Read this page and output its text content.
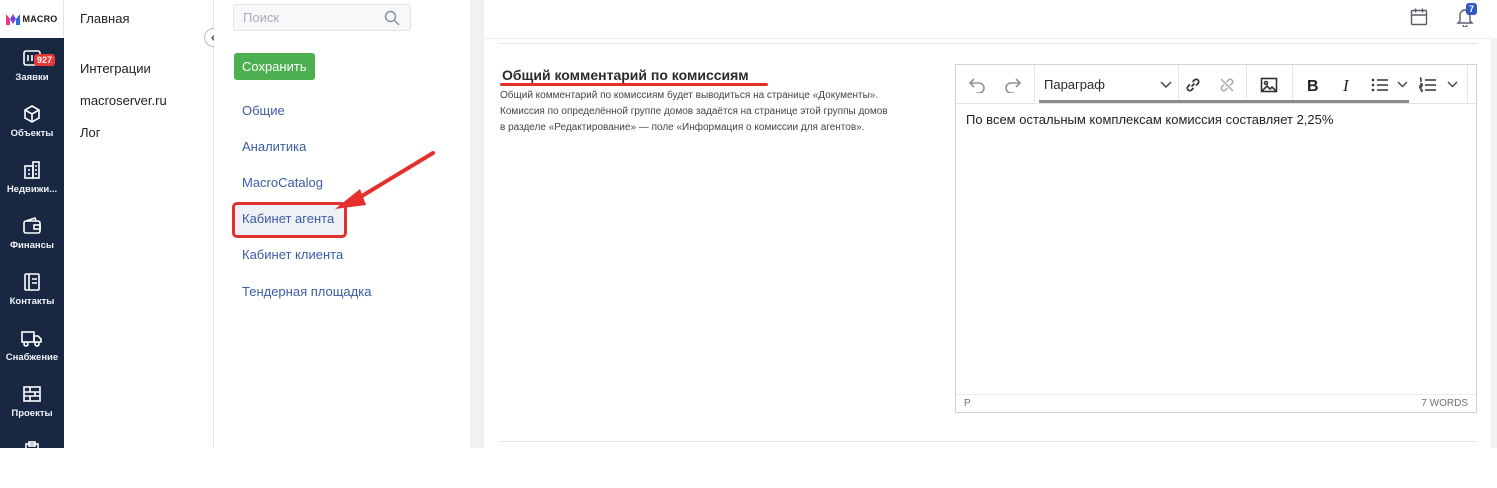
MACRO
927
Заявки
Объекты
Недвижи...
Финансы
Контакты
Снабжение
Проекты
Главная
Интеграции
macroserver.ru
Лог
Поиск
Сохранить
Общие
Аналитика
MacroCatalog
Кабинет агента
Кабинет клиента
Тендерная площадка
7
Общий комментарий по комиссиям
Общий комментарий по комиссиям будет выводиться на странице «Документы».
Комиссия по определённой группе домов задаётся на странице этой группы домов
в разделе «Редактирование» — поле «Информация о комиссии для агентов».
Параграф	B I
По всем остальным комплексам комиссия составляет 2,25%
P	7 WORDS
